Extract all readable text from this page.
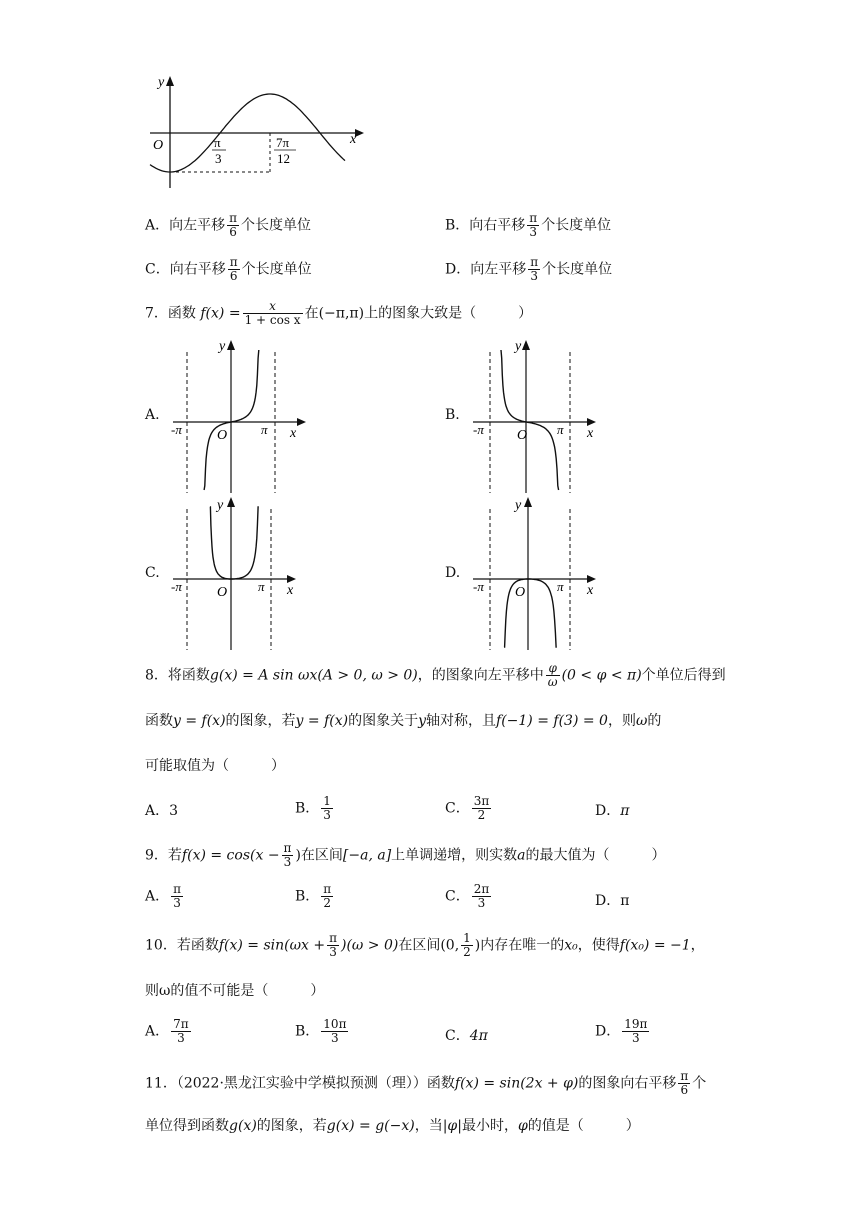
y
x
O	π
3
7π
12
A．向左平移 $\frac{\pi}{6}$ 个长度单位	B．向右平移 $\frac{\pi}{3}$ 个长度单位
C．向右平移 $\frac{\pi}{6}$ 个长度单位	D．向左平移 $\frac{\pi}{3}$ 个长度单位
7．函数 $f(x) = \frac{x}{\text{1 + cos x}}$ 在(−π,π)上的图象大致是（　　　）
A.
y
x
O
-π	π
B.
y
x
O
-π	π
C.
y
x
O
-π	π
D.
y
x
O
-π	π
8．将函数g(x) = A sin ωx(A > 0, ω > 0)，的图象向左平移中 $\frac{\varphi}{\omega} (0 < \varphi < \pi)$个单位后得到
函数y = f(x)的图象，若y = f(x)的图象关于y轴对称，且f(−1) = f(3) = 0，则ω的
可能取值为（　　　）
A．3	B． $\frac{1}{3}$	C． $\frac{3\pi}{2}$	D．π
9．若$f(x) = \cos(x - \frac{\pi}{3}$ )在区间[−a, a]上单调递增，则实数a的最大值为（　　　）
A． $\frac{\pi}{3}$	B． $\frac{\pi}{2}$	C． $\frac{2\pi}{3}$	D．π
10．若函数$f(x) = \sin(\omega x + \frac{\pi}{3} )(\omega > 0)$在区间(0, $\frac{1}{2}$ )内存在唯一的x₀，使得f(x₀) = −1，
则ω的值不可能是（　　　）
A． $\frac{7\pi}{3}$	B． $\frac{10\pi}{3}$	C．4π	D． $\frac{19\pi}{3}$
11．（2022·黑龙江实验中学模拟预测（理））函数f(x) = sin(2x + φ)的图象向右平移 $\frac{\pi}{6}$ 个
单位得到函数g(x)的图象，若g(x) = g(−x)，当|φ|最小时，φ的值是（　　　）
